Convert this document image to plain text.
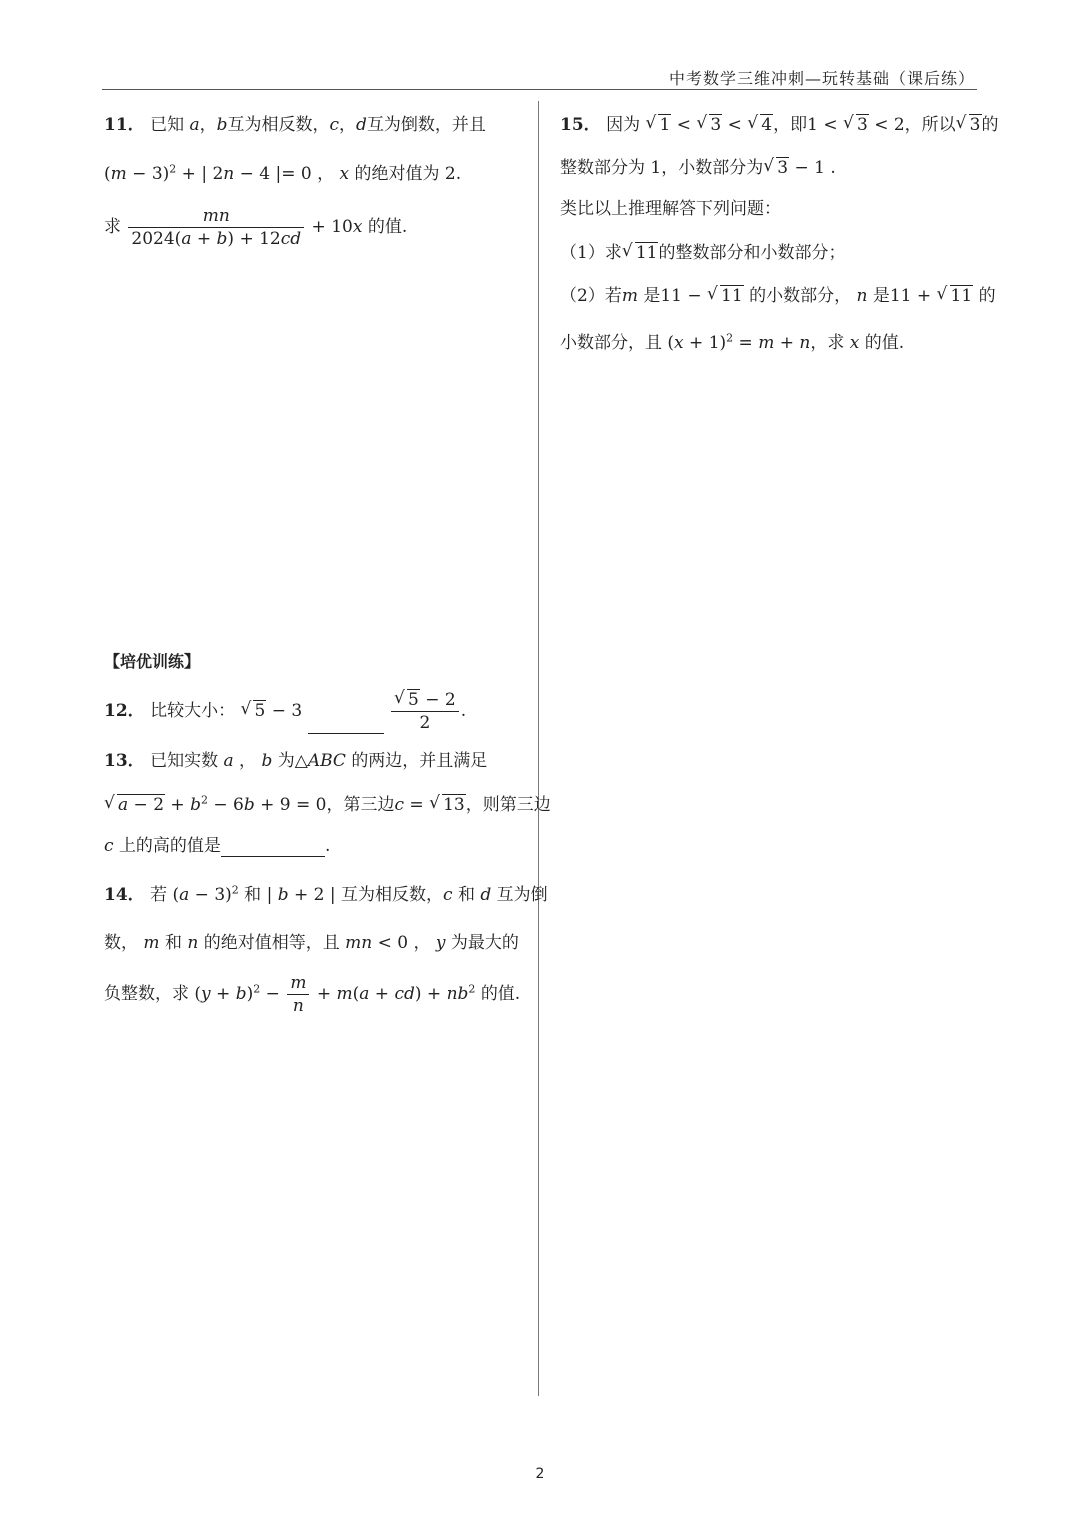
中考数学三维冲刺—玩转基础（课后练）
11． 已知 a，b互为相反数，c，d互为倒数，并且
$(m - 3)^2$ + | 2n − 4 |= 0 ， x 的绝对值为 2.
求 $\frac{mn}{2024(a + b) + 12cd} + 10x$ 的值.
【培优训练】
12． 比较大小： √ 5 − 3	$\frac{√ 5 - 2}{2}$ .
13． 已知实数 a ， b 为△ABC 的两边，并且满足
√ $a - 2 + b^2 - 6b + 9 = 0$，第三边c = √ 13，则第三边
c 上的高的值是	.
14． 若 $(a - 3)^2$ 和 | b + 2 | 互为相反数，c 和 d 互为倒
数， m 和 n 的绝对值相等，且 mn < 0 ， y 为最大的
负整数，求 $(y + b)^2 - \frac{m}{n} + m(a + cd) + nb^2$ 的值.
15． 因为 √ 1 < √ 3 < √ 4，即1 < √ 3 < 2，所以 √ 3的
整数部分为 1，小数部分为 √ 3 − 1 .
类比以上推理解答下列问题：
（1）求 √ 11的整数部分和小数部分；
（2）若m 是11 − √ 11 的小数部分， n 是11 + √ 11 的
小数部分，且 $(x + 1)^2 = m + n$，求 x 的值.
2
